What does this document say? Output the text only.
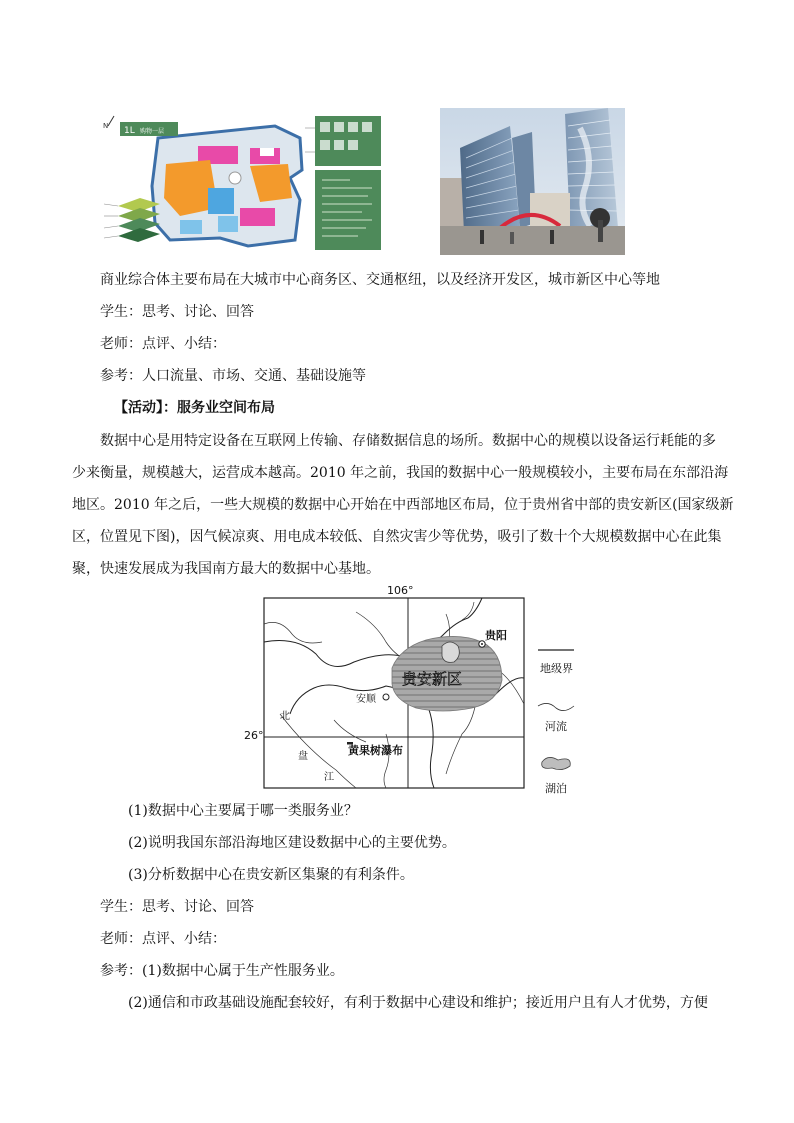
N 1L 购物一层
商业综合体主要布局在大城市中心商务区、交通枢纽，以及经济开发区，城市新区中心等地
学生：思考、讨论、回答
老师：点评、小结：
参考：人口流量、市场、交通、基础设施等
【活动】：服务业空间布局
数据中心是用特定设备在互联网上传输、存储数据信息的场所。数据中心的规模以设备运行耗能的多
少来衡量，规模越大，运营成本越高。2010 年之前，我国的数据中心一般规模较小，主要布局在东部沿海
地区。2010 年之后，一些大规模的数据中心开始在中西部地区布局，位于贵州省中部的贵安新区(国家级新
区，位置见下图)，因气候凉爽、用电成本较低、自然灾害少等优势，吸引了数十个大规模数据中心在此集
聚，快速发展成为我国南方最大的数据中心基地。
106°
26°
贵阳
安顺
贵安新区
黄果树瀑布
北
盘
江
地级界
河流
湖泊
(1)数据中心主要属于哪一类服务业？
(2)说明我国东部沿海地区建设数据中心的主要优势。
(3)分析数据中心在贵安新区集聚的有利条件。
学生：思考、讨论、回答
老师：点评、小结：
参考：(1)数据中心属于生产性服务业。
(2)通信和市政基础设施配套较好，有利于数据中心建设和维护；接近用户且有人才优势，方便
